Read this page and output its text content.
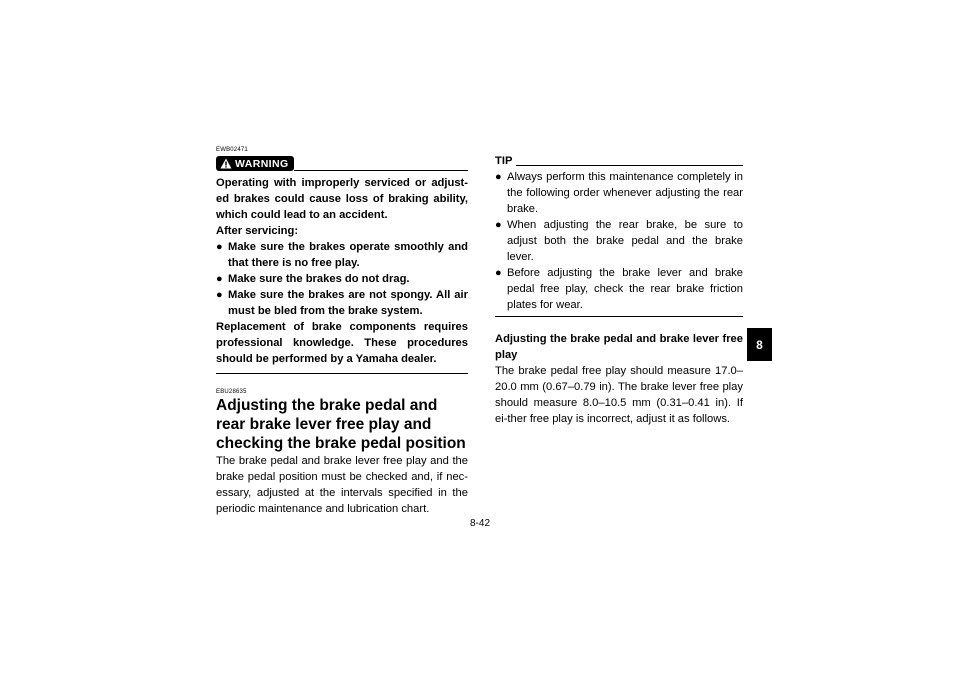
EWB02471
WARNING

Operating with improperly serviced or adjust-ed brakes could cause loss of braking ability, which could lead to an accident.

After servicing:

● Make sure the brakes operate smoothly and that there is no free play.
● Make sure the brakes do not drag.
● Make sure the brakes are not spongy. All air must be bled from the brake system.

Replacement of brake components requires professional knowledge. These procedures should be performed by a Yamaha dealer.

EBU28635
Adjusting the brake pedal and rear brake lever free play and checking the brake pedal position

The brake pedal and brake lever free play and the brake pedal position must be checked and, if nec-essary, adjusted at the intervals specified in the periodic maintenance and lubrication chart.

TIP
● Always perform this maintenance completely in the following order whenever adjusting the rear brake.
● When adjusting the rear brake, be sure to adjust both the brake pedal and the brake lever.
● Before adjusting the brake lever and brake pedal free play, check the rear brake friction plates for wear.

Adjusting the brake pedal and brake lever free play

The brake pedal free play should measure 17.0–20.0 mm (0.67–0.79 in). The brake lever free play should measure 8.0–10.5 mm (0.31–0.41 in). If ei-ther free play is incorrect, adjust it as follows.

8-42
8
